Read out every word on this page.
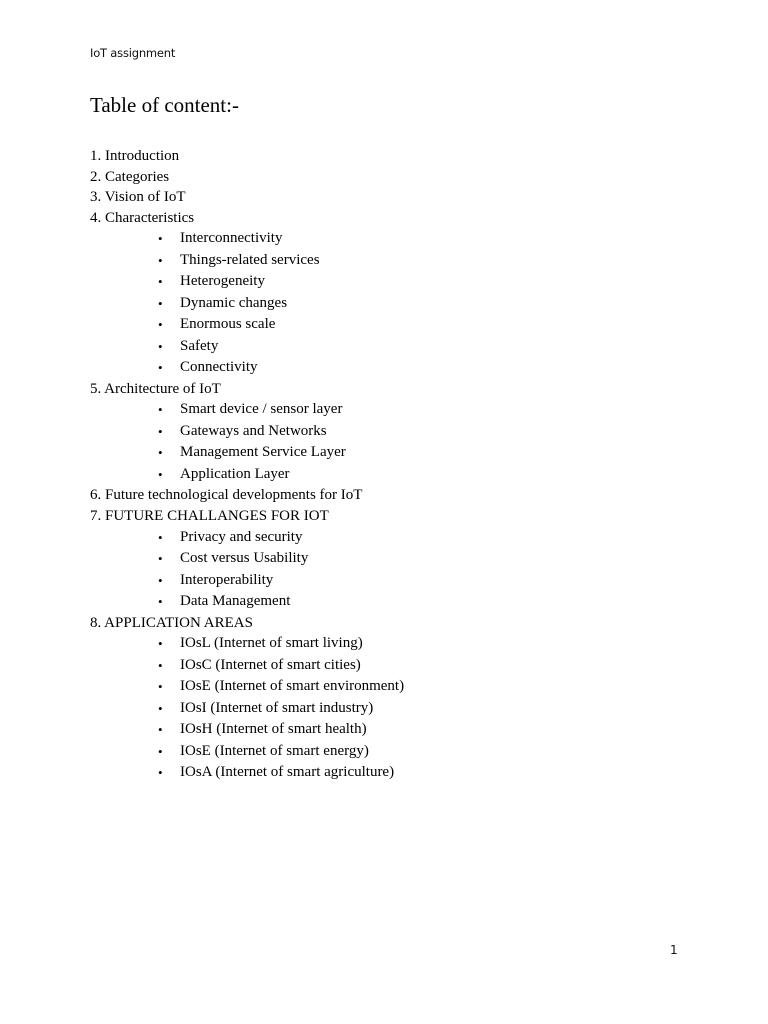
IoT assignment
Table of content:-
1. Introduction
2. Categories
3. Vision of IoT
4. Characteristics
• Interconnectivity
• Things-related services
• Heterogeneity
• Dynamic changes
• Enormous scale
• Safety
• Connectivity
5. Architecture of IoT
• Smart device / sensor layer
• Gateways and Networks
• Management Service Layer
• Application Layer
6. Future technological developments for IoT
7. FUTURE CHALLANGES FOR IOT
• Privacy and security
• Cost versus Usability
• Interoperability
• Data Management
8. APPLICATION AREAS
• IOsL (Internet of smart living)
• IOsC (Internet of smart cities)
• IOsE (Internet of smart environment)
• IOsI (Internet of smart industry)
• IOsH (Internet of smart health)
• IOsE (Internet of smart energy)
• IOsA (Internet of smart agriculture)
1
